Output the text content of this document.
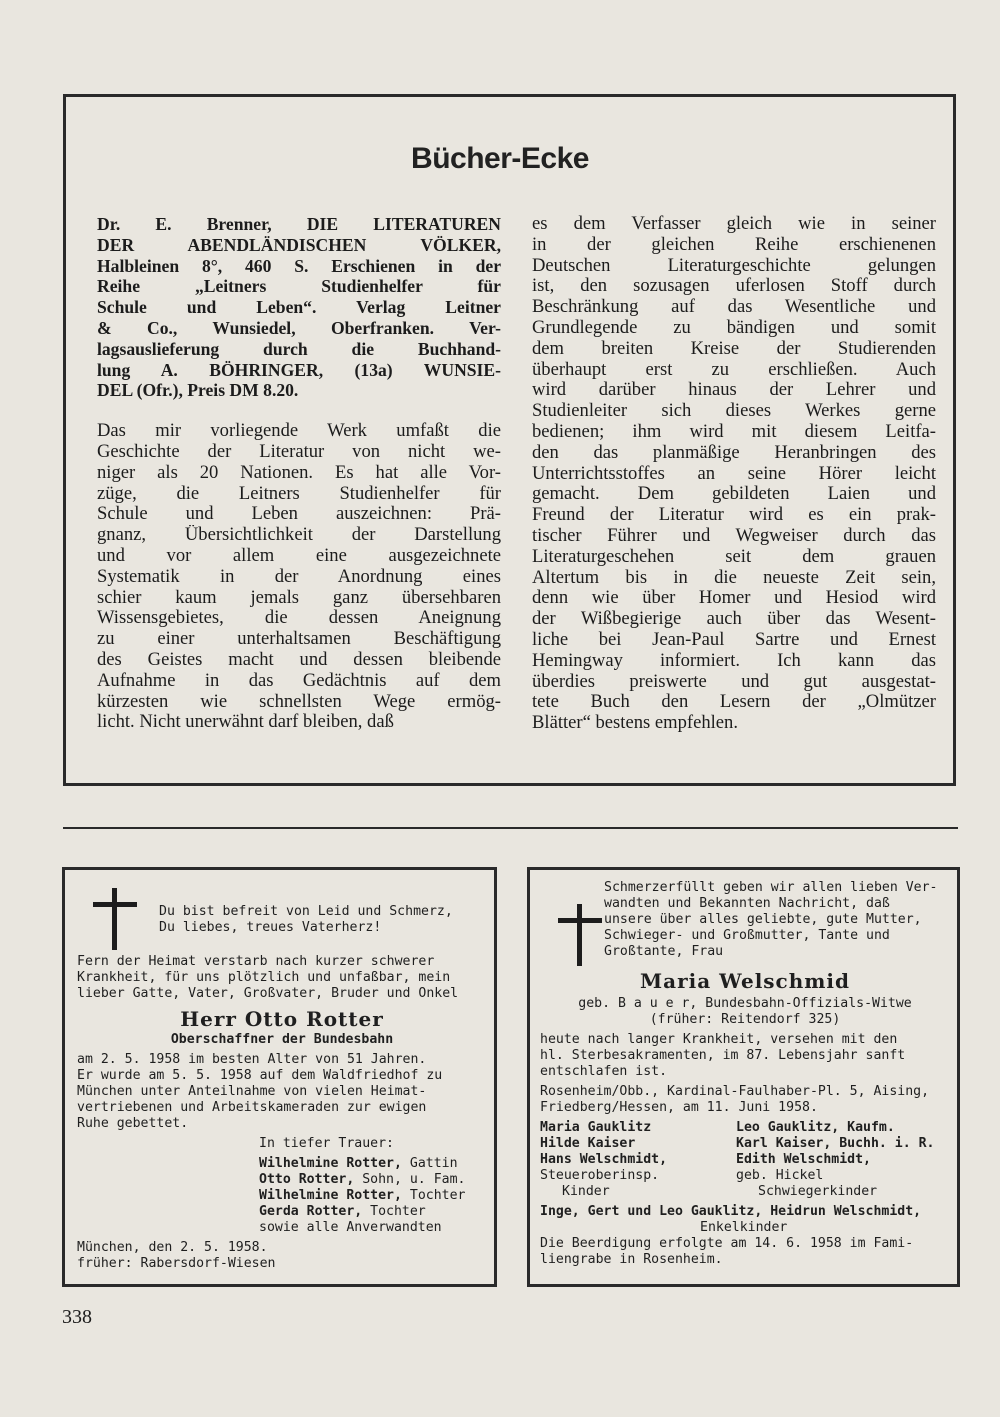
Bücher-Ecke
Dr. E. Brenner, DIE LITERATUREN
DER ABENDLÄNDISCHEN VÖLKER,
Halbleinen 8°, 460 S. Erschienen in der
Reihe „Leitners Studienhelfer für
Schule und Leben“. Verlag Leitner
& Co., Wunsiedel, Oberfranken. Ver-
lagsauslieferung durch die Buchhand-
lung A. BÖHRINGER, (13a) WUNSIE-
DEL (Ofr.), Preis DM 8.20.
Das mir vorliegende Werk umfaßt die
Geschichte der Literatur von nicht we-
niger als 20 Nationen. Es hat alle Vor-
züge, die Leitners Studienhelfer für
Schule und Leben auszeichnen: Prä-
gnanz, Übersichtlichkeit der Darstellung
und vor allem eine ausgezeichnete
Systematik in der Anordnung eines
schier kaum jemals ganz übersehbaren
Wissensgebietes, die dessen Aneignung
zu einer unterhaltsamen Beschäftigung
des Geistes macht und dessen bleibende
Aufnahme in das Gedächtnis auf dem
kürzesten wie schnellsten Wege ermög-
licht. Nicht unerwähnt darf bleiben, daß
es dem Verfasser gleich wie in seiner
in der gleichen Reihe erschienenen
Deutschen Literaturgeschichte gelungen
ist, den sozusagen uferlosen Stoff durch
Beschränkung auf das Wesentliche und
Grundlegende zu bändigen und somit
dem breiten Kreise der Studierenden
überhaupt erst zu erschließen. Auch
wird darüber hinaus der Lehrer und
Studienleiter sich dieses Werkes gerne
bedienen; ihm wird mit diesem Leitfa-
den das planmäßige Heranbringen des
Unterrichtsstoffes an seine Hörer leicht
gemacht. Dem gebildeten Laien und
Freund der Literatur wird es ein prak-
tischer Führer und Wegweiser durch das
Literaturgeschehen seit dem grauen
Altertum bis in die neueste Zeit sein,
denn wie über Homer und Hesiod wird
der Wißbegierige auch über das Wesent-
liche bei Jean-Paul Sartre und Ernest
Hemingway informiert. Ich kann das
überdies preiswerte und gut ausgestat-
tete Buch den Lesern der „Olmützer
Blätter“ bestens empfehlen.

Du bist befreit von Leid und Schmerz,

Du liebes, treues Vaterherz!

Fern der Heimat verstarb nach kurzer schwerer

Krankheit, für uns plötzlich und unfaßbar, mein

lieber Gatte, Vater, Großvater, Bruder und Onkel

Herr Otto Rotter

Oberschaffner der Bundesbahn

am 2. 5. 1958 im besten Alter von 51 Jahren.

Er wurde am 5. 5. 1958 auf dem Waldfriedhof zu

München unter Anteilnahme von vielen Heimat-

vertriebenen und Arbeitskameraden zur ewigen

Ruhe gebettet.

In tiefer Trauer:

Wilhelmine Rotter, Gattin

Otto Rotter, Sohn, u. Fam.

Wilhelmine Rotter, Tochter

Gerda Rotter, Tochter

sowie alle Anverwandten

München, den 2. 5. 1958.

früher: Rabersdorf-Wiesen

Schmerzerfüllt geben wir allen lieben Ver-

wandten und Bekannten Nachricht, daß

unsere über alles geliebte, gute Mutter,

Schwieger- und Großmutter, Tante und

Großtante, Frau

Maria Welschmid

geb. B a u e r, Bundesbahn-Offizials-Witwe

(früher: Reitendorf 325)

heute nach langer Krankheit, versehen mit den

hl. Sterbesakramenten, im 87. Lebensjahr sanft

entschlafen ist.

Rosenheim/Obb., Kardinal-Faulhaber-Pl. 5, Aising,

Friedberg/Hessen, am 11. Juni 1958.

Maria Gauklitz	Leo Gauklitz, Kaufm.
Hilde Kaiser	Karl Kaiser, Buchh. i. R.
Hans Welschmidt,	Edith Welschmidt,
Steueroberinsp.	geb. Hickel
Kinder	Schwiegerkinder

Inge, Gert und Leo Gauklitz, Heidrun Welschmidt,

Enkelkinder

Die Beerdigung erfolgte am 14. 6. 1958 im Fami-

liengrabe in Rosenheim.

338
